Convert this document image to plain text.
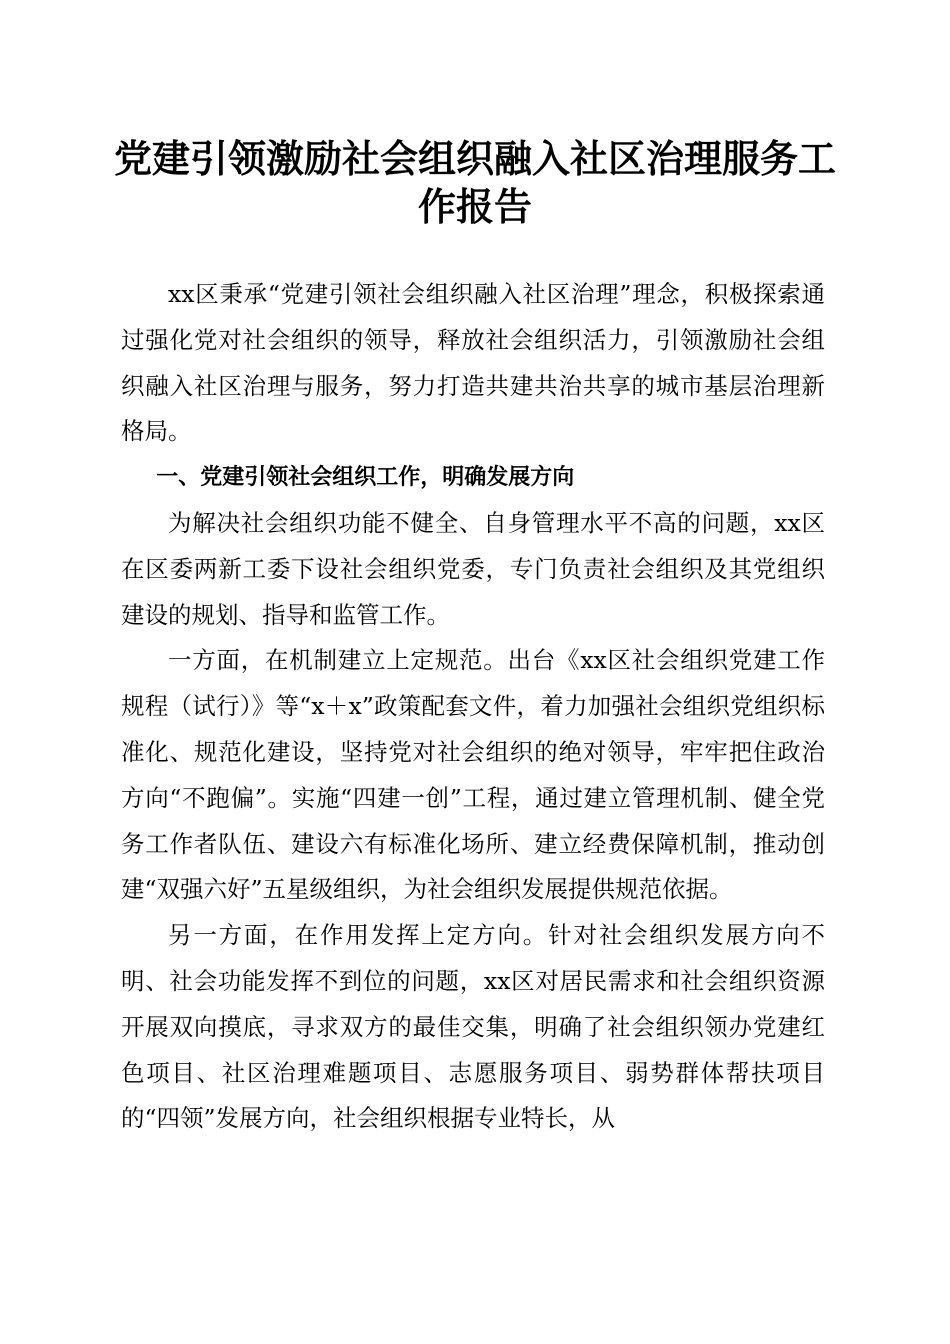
党建引领激励社会组织融入社区治理服务工作报告

xx区秉承“党建引领社会组织融入社区治理”理念，积极探索通过强化党对社会组织的领导，释放社会组织活力，引领激励社会组织融入社区治理与服务，努力打造共建共治共享的城市基层治理新格局。

一、党建引领社会组织工作，明确发展方向

为解决社会组织功能不健全、自身管理水平不高的问题，xx区在区委两新工委下设社会组织党委，专门负责社会组织及其党组织建设的规划、指导和监管工作。

一方面，在机制建立上定规范。出台《xx区社会组织党建工作规程（试行）》等“x＋x”政策配套文件，着力加强社会组织党组织标准化、规范化建设，坚持党对社会组织的绝对领导，牢牢把住政治方向“不跑偏”。实施“四建一创”工程，通过建立管理机制、健全党务工作者队伍、建设六有标准化场所、建立经费保障机制，推动创建“双强六好”五星级组织，为社会组织发展提供规范依据。

另一方面，在作用发挥上定方向。针对社会组织发展方向不明、社会功能发挥不到位的问题，xx区对居民需求和社会组织资源开展双向摸底，寻求双方的最佳交集，明确了社会组织领办党建红色项目、社区治理难题项目、志愿服务项目、弱势群体帮扶项目的“四领”发展方向，社会组织根据专业特长，从
